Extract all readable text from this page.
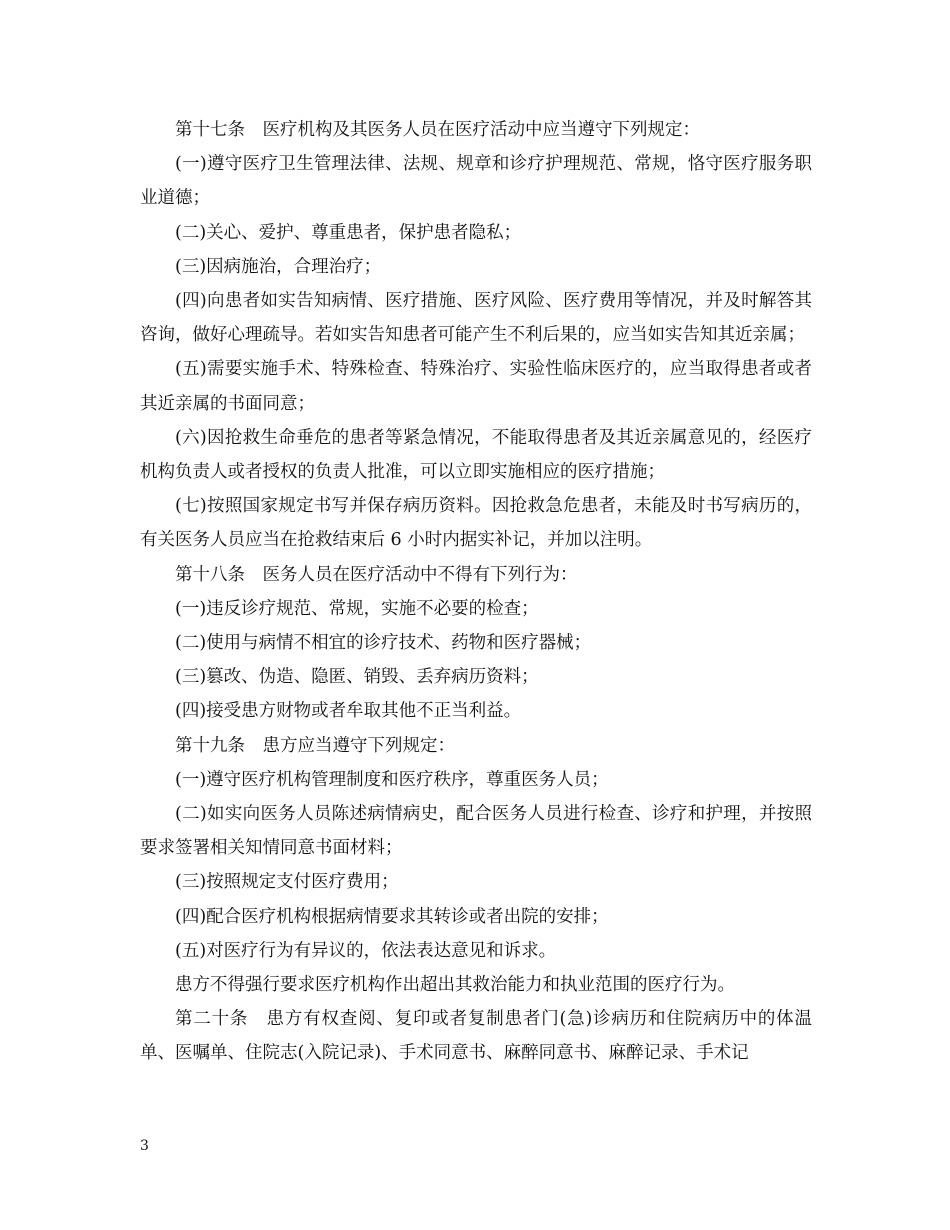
第十七条　医疗机构及其医务人员在医疗活动中应当遵守下列规定：

(一)遵守医疗卫生管理法律、法规、规章和诊疗护理规范、常规，恪守医疗服务职业道德；

(二)关心、爱护、尊重患者，保护患者隐私；

(三)因病施治，合理治疗；

(四)向患者如实告知病情、医疗措施、医疗风险、医疗费用等情况，并及时解答其咨询，做好心理疏导。若如实告知患者可能产生不利后果的，应当如实告知其近亲属；

(五)需要实施手术、特殊检查、特殊治疗、实验性临床医疗的，应当取得患者或者其近亲属的书面同意；

(六)因抢救生命垂危的患者等紧急情况，不能取得患者及其近亲属意见的，经医疗机构负责人或者授权的负责人批准，可以立即实施相应的医疗措施；

(七)按照国家规定书写并保存病历资料。因抢救急危患者，未能及时书写病历的，有关医务人员应当在抢救结束后 6 小时内据实补记，并加以注明。

第十八条　医务人员在医疗活动中不得有下列行为：

(一)违反诊疗规范、常规，实施不必要的检查；

(二)使用与病情不相宜的诊疗技术、药物和医疗器械；

(三)篡改、伪造、隐匿、销毁、丢弃病历资料；

(四)接受患方财物或者牟取其他不正当利益。

第十九条　患方应当遵守下列规定：

(一)遵守医疗机构管理制度和医疗秩序，尊重医务人员；

(二)如实向医务人员陈述病情病史，配合医务人员进行检查、诊疗和护理，并按照要求签署相关知情同意书面材料；

(三)按照规定支付医疗费用；

(四)配合医疗机构根据病情要求其转诊或者出院的安排；

(五)对医疗行为有异议的，依法表达意见和诉求。

患方不得强行要求医疗机构作出超出其救治能力和执业范围的医疗行为。

第二十条　患方有权查阅、复印或者复制患者门(急)诊病历和住院病历中的体温单、医嘱单、住院志(入院记录)、手术同意书、麻醉同意书、麻醉记录、手术记

3
